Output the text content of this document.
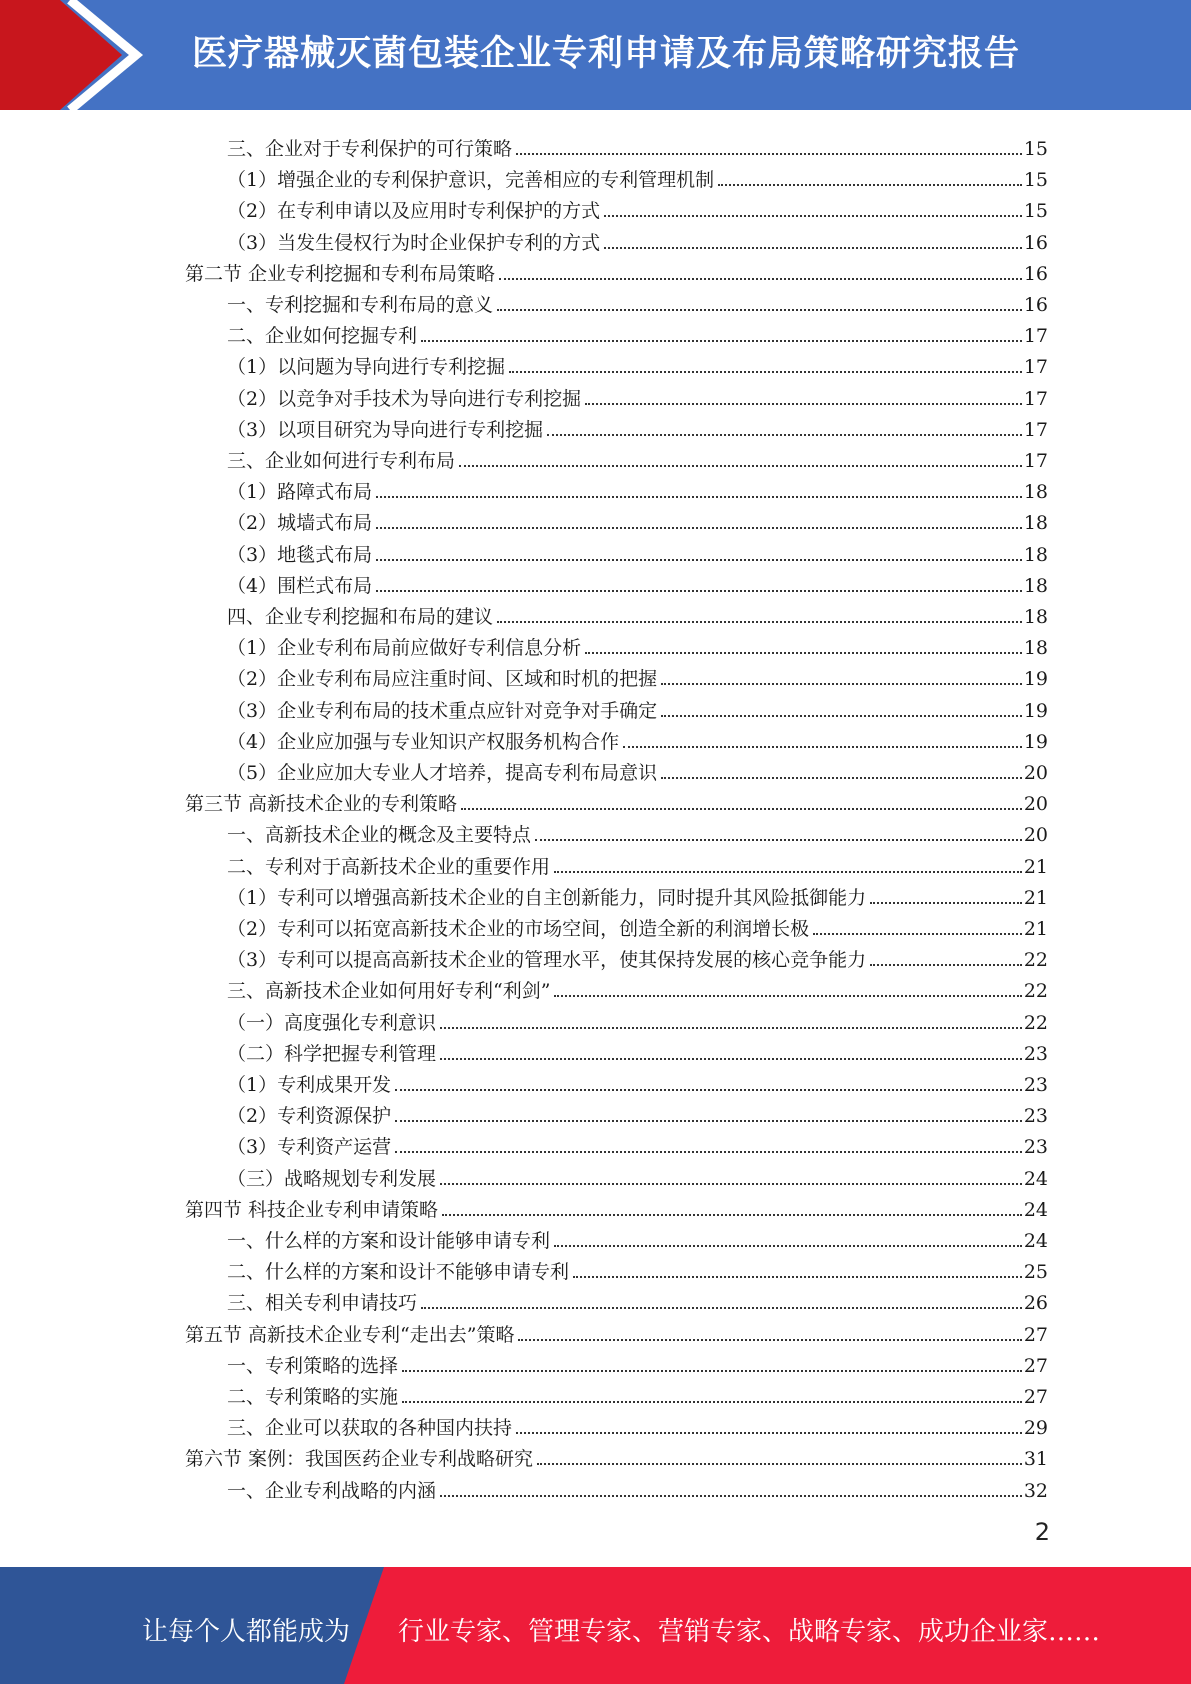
医疗器械灭菌包装企业专利申请及布局策略研究报告
三、企业对于专利保护的可行策略	15
（1）增强企业的专利保护意识，完善相应的专利管理机制	15
（2）在专利申请以及应用时专利保护的方式	15
（3）当发生侵权行为时企业保护专利的方式	16
第二节 企业专利挖掘和专利布局策略	16
一、专利挖掘和专利布局的意义	16
二、企业如何挖掘专利	17
（1）以问题为导向进行专利挖掘	17
（2）以竞争对手技术为导向进行专利挖掘	17
（3）以项目研究为导向进行专利挖掘	17
三、企业如何进行专利布局	17
（1）路障式布局	18
（2）城墙式布局	18
（3）地毯式布局	18
（4）围栏式布局	18
四、企业专利挖掘和布局的建议	18
（1）企业专利布局前应做好专利信息分析	18
（2）企业专利布局应注重时间、区域和时机的把握	19
（3）企业专利布局的技术重点应针对竞争对手确定	19
（4）企业应加强与专业知识产权服务机构合作	19
（5）企业应加大专业人才培养，提高专利布局意识	20
第三节 高新技术企业的专利策略	20
一、高新技术企业的概念及主要特点	20
二、专利对于高新技术企业的重要作用	21
（1）专利可以增强高新技术企业的自主创新能力，同时提升其风险抵御能力	21
（2）专利可以拓宽高新技术企业的市场空间，创造全新的利润增长极	21
（3）专利可以提高高新技术企业的管理水平，使其保持发展的核心竞争能力	22
三、高新技术企业如何用好专利“利剑”	22
（一）高度强化专利意识	22
（二）科学把握专利管理	23
（1）专利成果开发	23
（2）专利资源保护	23
（3）专利资产运营	23
（三）战略规划专利发展	24
第四节 科技企业专利申请策略	24
一、什么样的方案和设计能够申请专利	24
二、什么样的方案和设计不能够申请专利	25
三、相关专利申请技巧	26
第五节 高新技术企业专利“走出去”策略	27
一、专利策略的选择	27
二、专利策略的实施	27
三、企业可以获取的各种国内扶持	29
第六节 案例：我国医药企业专利战略研究	31
一、企业专利战略的内涵	32
2
让每个人都能成为 行业专家、管理专家、营销专家、战略专家、成功企业家……
